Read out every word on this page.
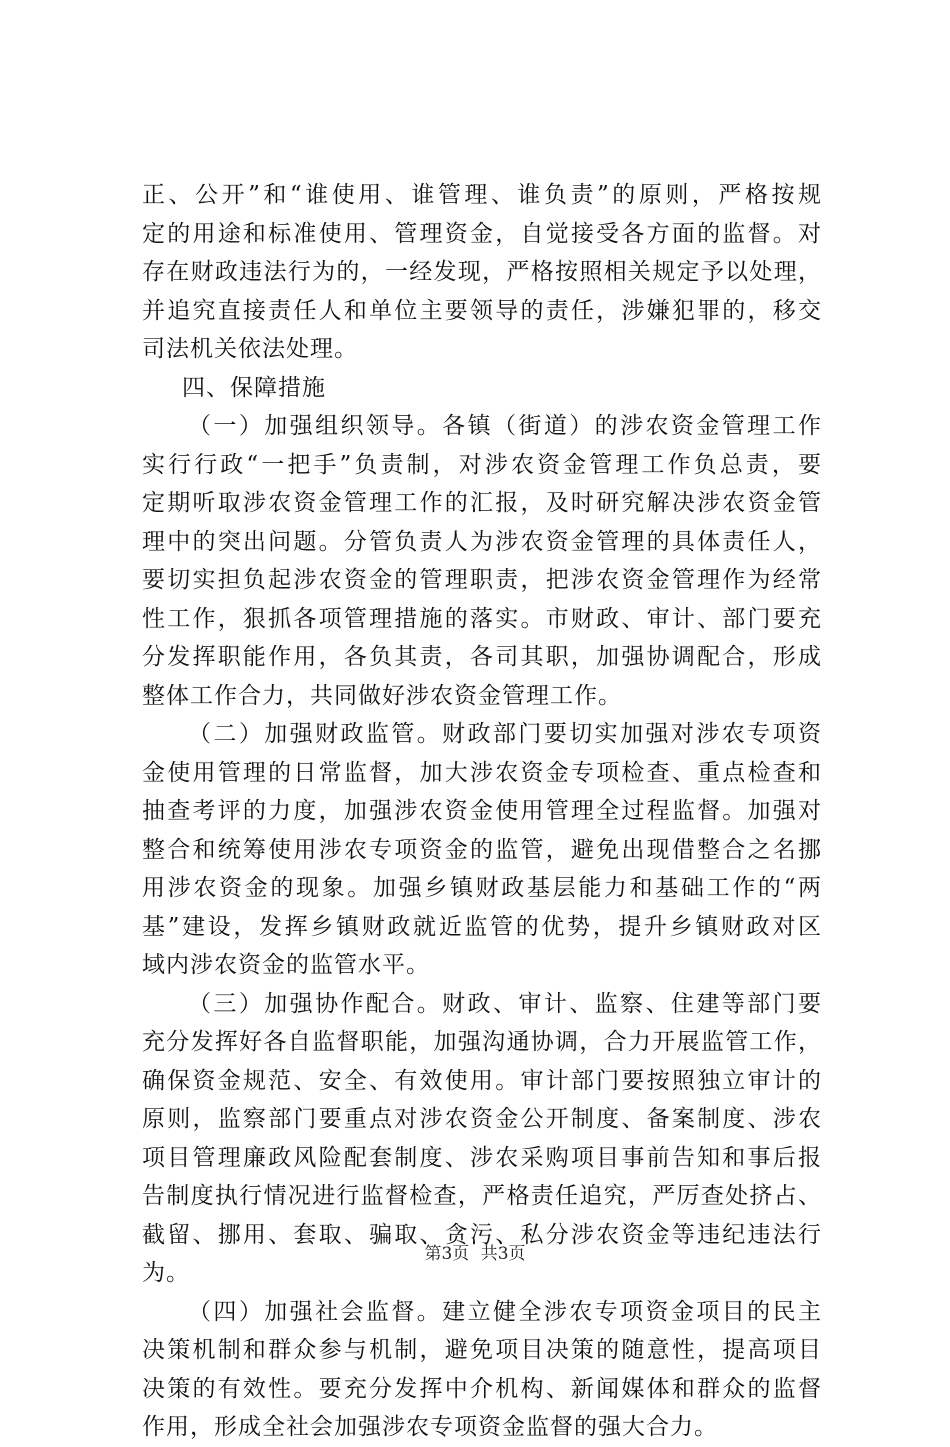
正、公开”和“谁使用、谁管理、谁负责”的原则，严格按规
定的用途和标准使用、管理资金，自觉接受各方面的监督。对
存在财政违法行为的，一经发现，严格按照相关规定予以处理，
并追究直接责任人和单位主要领导的责任，涉嫌犯罪的，移交
司法机关依法处理。
四、保障措施
（一）加强组织领导。各镇（街道）的涉农资金管理工作
实行行政“一把手”负责制，对涉农资金管理工作负总责，要
定期听取涉农资金管理工作的汇报，及时研究解决涉农资金管
理中的突出问题。分管负责人为涉农资金管理的具体责任人，
要切实担负起涉农资金的管理职责，把涉农资金管理作为经常
性工作，狠抓各项管理措施的落实。市财政、审计、部门要充
分发挥职能作用，各负其责，各司其职，加强协调配合，形成
整体工作合力，共同做好涉农资金管理工作。
（二）加强财政监管。财政部门要切实加强对涉农专项资
金使用管理的日常监督，加大涉农资金专项检查、重点检查和
抽查考评的力度，加强涉农资金使用管理全过程监督。加强对
整合和统筹使用涉农专项资金的监管，避免出现借整合之名挪
用涉农资金的现象。加强乡镇财政基层能力和基础工作的“两
基”建设，发挥乡镇财政就近监管的优势，提升乡镇财政对区
域内涉农资金的监管水平。
（三）加强协作配合。财政、审计、监察、住建等部门要
充分发挥好各自监督职能，加强沟通协调，合力开展监管工作，
确保资金规范、安全、有效使用。审计部门要按照独立审计的
原则，监察部门要重点对涉农资金公开制度、备案制度、涉农
项目管理廉政风险配套制度、涉农采购项目事前告知和事后报
告制度执行情况进行监督检查，严格责任追究，严厉查处挤占、
截留、挪用、套取、骗取、贪污、私分涉农资金等违纪违法行
为。
（四）加强社会监督。建立健全涉农专项资金项目的民主
决策机制和群众参与机制，避免项目决策的随意性，提高项目
决策的有效性。要充分发挥中介机构、新闻媒体和群众的监督
作用，形成全社会加强涉农专项资金监督的强大合力。
第3页 共3页
